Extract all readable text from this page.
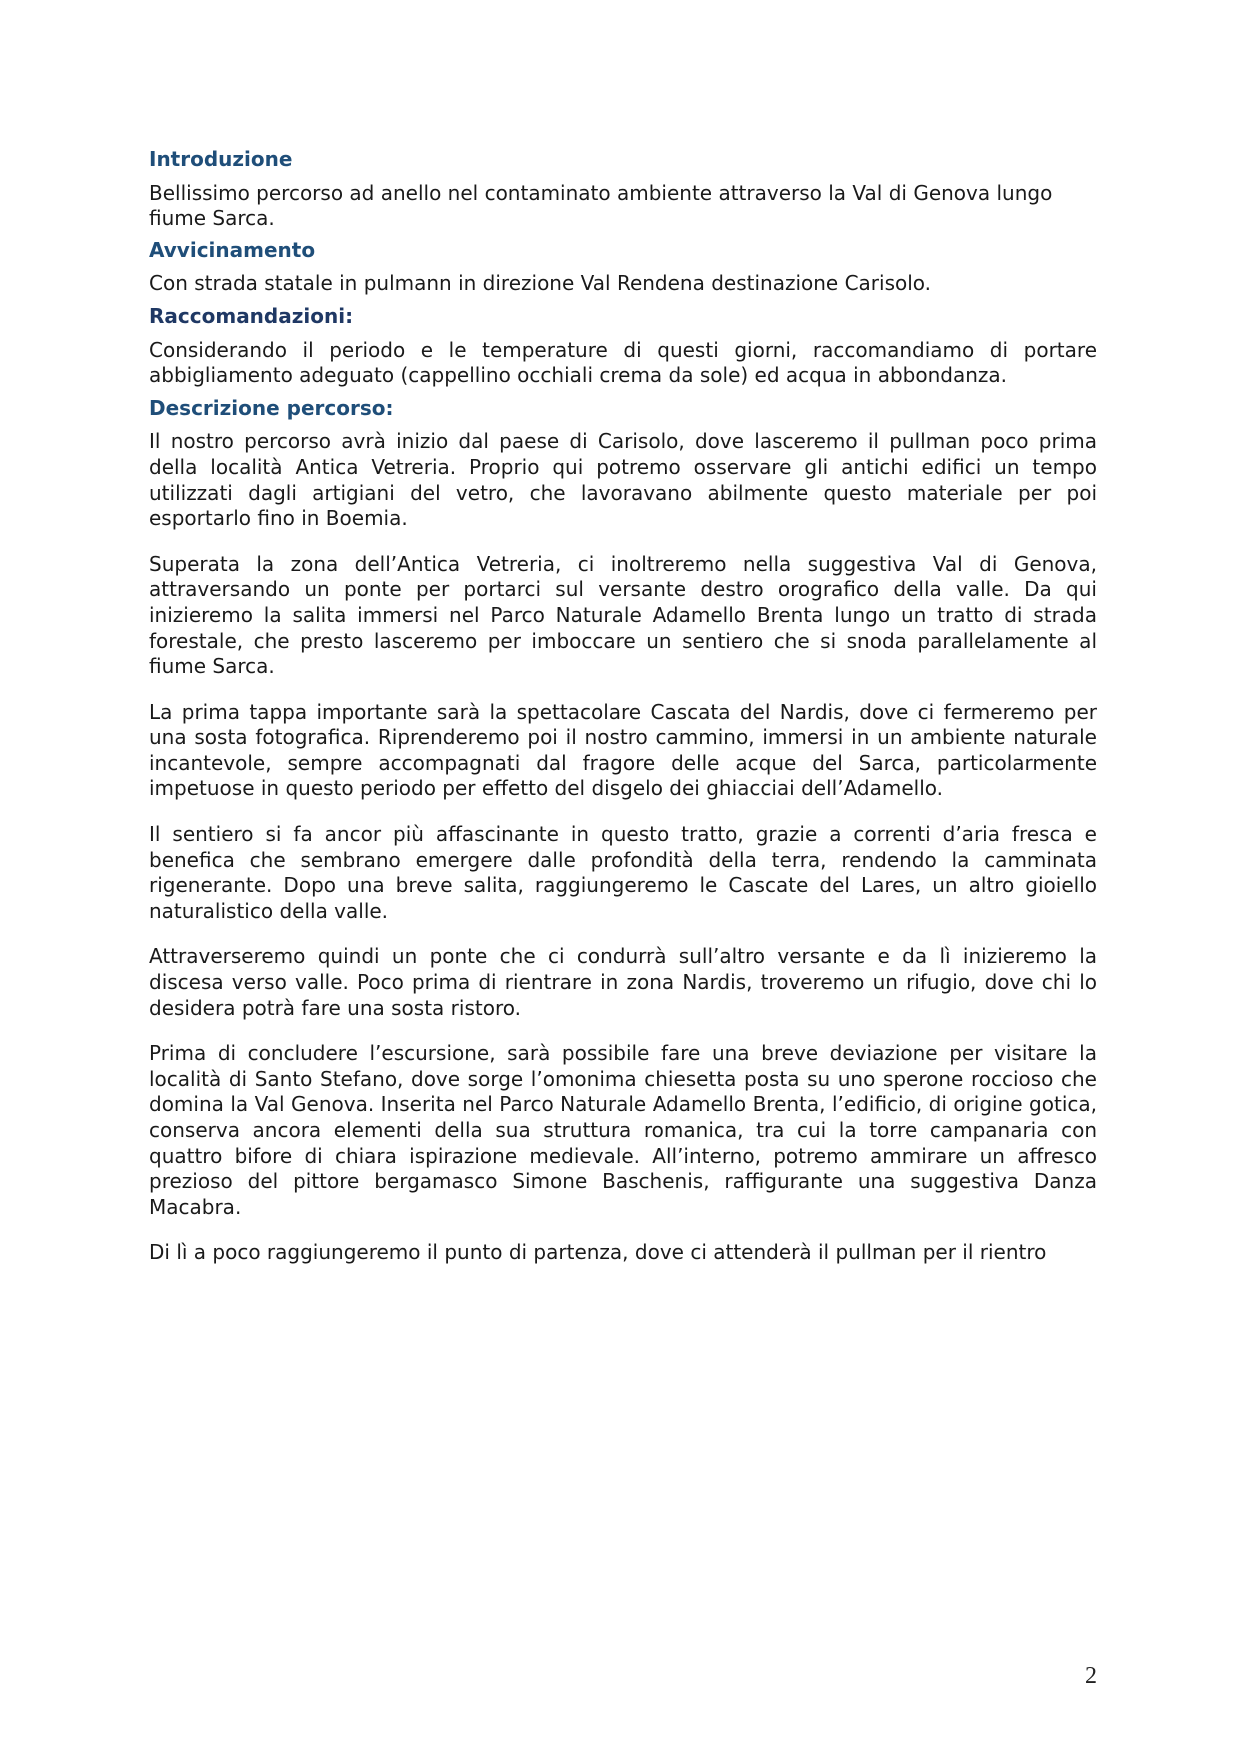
Introduzione

Bellissimo percorso ad anello nel contaminato ambiente attraverso la Val di Genova lungo fiume Sarca.

Avvicinamento

Con strada statale in pulmann in direzione Val Rendena destinazione Carisolo.

Raccomandazioni:

Considerando il periodo e le temperature di questi giorni, raccomandiamo di portare abbigliamento adeguato (cappellino occhiali crema da sole) ed acqua in abbondanza.

Descrizione percorso:

Il nostro percorso avrà inizio dal paese di Carisolo, dove lasceremo il pullman poco prima della località Antica Vetreria. Proprio qui potremo osservare gli antichi edifici un tempo utilizzati dagli artigiani del vetro, che lavoravano abilmente questo materiale per poi esportarlo fino in Boemia.

Superata la zona dell’Antica Vetreria, ci inoltreremo nella suggestiva Val di Genova, attraversando un ponte per portarci sul versante destro orografico della valle. Da qui inizieremo la salita immersi nel Parco Naturale Adamello Brenta lungo un tratto di strada forestale, che presto lasceremo per imboccare un sentiero che si snoda parallelamente al fiume Sarca.

La prima tappa importante sarà la spettacolare Cascata del Nardis, dove ci fermeremo per una sosta fotografica. Riprenderemo poi il nostro cammino, immersi in un ambiente naturale incantevole, sempre accompagnati dal fragore delle acque del Sarca, particolarmente impetuose in questo periodo per effetto del disgelo dei ghiacciai dell’Adamello.

Il sentiero si fa ancor più affascinante in questo tratto, grazie a correnti d’aria fresca e benefica che sembrano emergere dalle profondità della terra, rendendo la camminata rigenerante. Dopo una breve salita, raggiungeremo le Cascate del Lares, un altro gioiello naturalistico della valle.

Attraverseremo quindi un ponte che ci condurrà sull’altro versante e da lì inizieremo la discesa verso valle. Poco prima di rientrare in zona Nardis, troveremo un rifugio, dove chi lo desidera potrà fare una sosta ristoro.

Prima di concludere l’escursione, sarà possibile fare una breve deviazione per visitare la località di Santo Stefano, dove sorge l’omonima chiesetta posta su uno sperone roccioso che domina la Val Genova. Inserita nel Parco Naturale Adamello Brenta, l’edificio, di origine gotica, conserva ancora elementi della sua struttura romanica, tra cui la torre campanaria con quattro bifore di chiara ispirazione medievale. All’interno, potremo ammirare un affresco prezioso del pittore bergamasco Simone Baschenis, raffigurante una suggestiva Danza Macabra.

Di lì a poco raggiungeremo il punto di partenza, dove ci attenderà il pullman per il rientro

2
